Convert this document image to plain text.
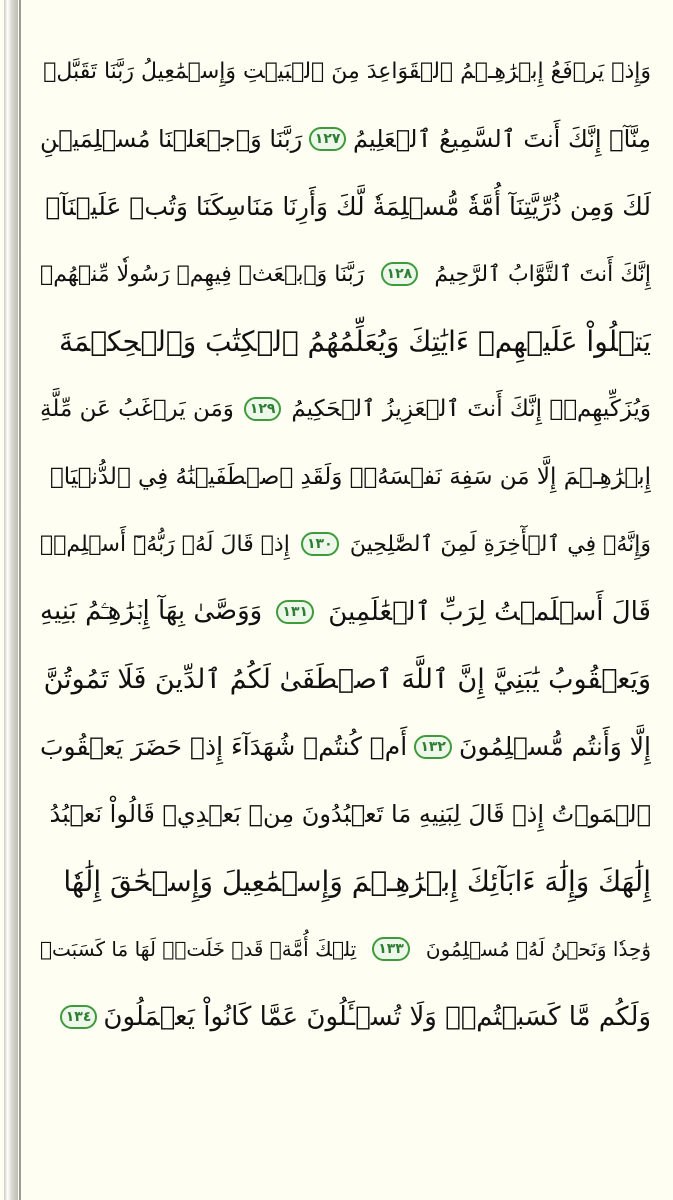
وَإِذۡ يَرۡفَعُ إِبۡرَٰهِـۧمُ ٱلۡقَوَاعِدَ مِنَ ٱلۡبَيۡتِ وَإِسۡمَٰعِيلُ رَبَّنَا تَقَبَّلۡ
مِنَّآۖ إِنَّكَ أَنتَ ٱلسَّمِيعُ ٱلۡعَلِيمُ
١٢٧
رَبَّنَا وَٱجۡعَلۡنَا مُسۡلِمَيۡنِ
لَكَ وَمِن ذُرِّيَّتِنَآ أُمَّةٗ مُّسۡلِمَةٗ لَّكَ وَأَرِنَا مَنَاسِكَنَا وَتُبۡ عَلَيۡنَآۖ
إِنَّكَ أَنتَ ٱلتَّوَّابُ ٱلرَّحِيمُ
١٢٨
رَبَّنَا وَٱبۡعَثۡ فِيهِمۡ رَسُولٗا مِّنۡهُمۡ
يَتۡلُواْ عَلَيۡهِمۡ ءَايَٰتِكَ وَيُعَلِّمُهُمُ ٱلۡكِتَٰبَ وَٱلۡحِكۡمَةَ
وَيُزَكِّيهِمۡۖ إِنَّكَ أَنتَ ٱلۡعَزِيزُ ٱلۡحَكِيمُ
١٢٩
وَمَن يَرۡغَبُ عَن مِّلَّةِ
إِبۡرَٰهِـۧمَ إِلَّا مَن سَفِهَ نَفۡسَهُۥۚ وَلَقَدِ ٱصۡطَفَيۡنَٰهُ فِي ٱلدُّنۡيَاۖ
وَإِنَّهُۥ فِي ٱلۡأٓخِرَةِ لَمِنَ ٱلصَّٰلِحِينَ
١٣٠
إِذۡ قَالَ لَهُۥ رَبُّهُۥٓ أَسۡلِمۡۖ
قَالَ أَسۡلَمۡتُ لِرَبِّ ٱلۡعَٰلَمِينَ
١٣١
وَوَصَّىٰ بِهَآ إِبۡرَٰهِـۧمُ بَنِيهِ
وَيَعۡقُوبُ يَٰبَنِيَّ إِنَّ ٱللَّهَ ٱصۡطَفَىٰ لَكُمُ ٱلدِّينَ فَلَا تَمُوتُنَّ
إِلَّا وَأَنتُم مُّسۡلِمُونَ
١٣٢
أَمۡ كُنتُمۡ شُهَدَآءَ إِذۡ حَضَرَ يَعۡقُوبَ
ٱلۡمَوۡتُ إِذۡ قَالَ لِبَنِيهِ مَا تَعۡبُدُونَ مِنۢ بَعۡدِيۖ قَالُواْ نَعۡبُدُ
إِلَٰهَكَ وَإِلَٰهَ ءَابَآئِكَ إِبۡرَٰهِـۧمَ وَإِسۡمَٰعِيلَ وَإِسۡحَٰقَ إِلَٰهٗا
وَٰحِدٗا وَنَحۡنُ لَهُۥ مُسۡلِمُونَ
١٣٣
تِلۡكَ أُمَّةٞ قَدۡ خَلَتۡۖ لَهَا مَا كَسَبَتۡ
وَلَكُم مَّا كَسَبۡتُمۡۖ وَلَا تُسۡـَٔلُونَ عَمَّا كَانُواْ يَعۡمَلُونَ
١٣٤
